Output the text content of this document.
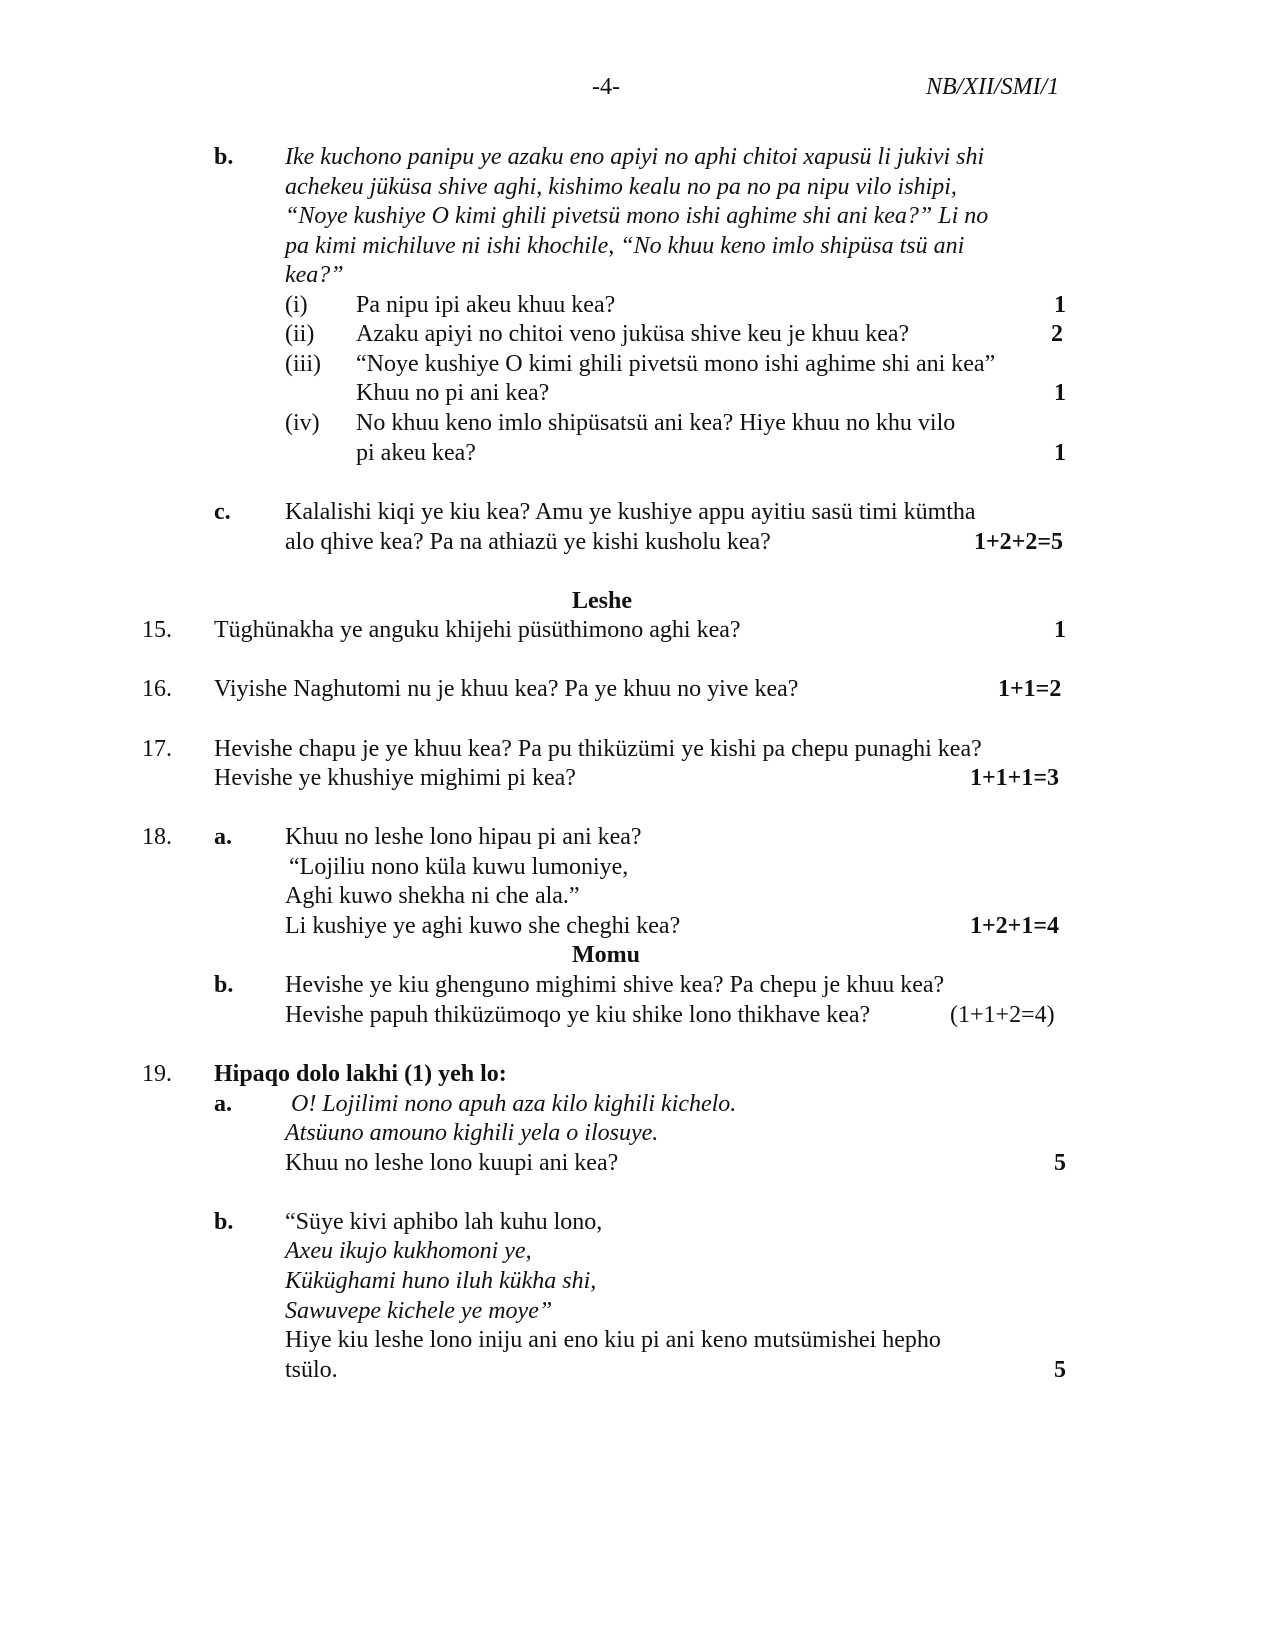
-4-	NB/XII/SMI/1
b. Ike kuchono panipu ye azaku eno apiyi no aphi chitoi xapusü li jukivi shi
achekeu jüküsa shive aghi, kishimo kealu no pa no pa nipu vilo ishipi,
“Noye kushiye O kimi ghili pivetsü mono ishi aghime shi ani kea?” Li no
pa kimi michiluve ni ishi khochile, “No khuu keno imlo shipüsa tsü ani
kea?”
(i) Pa nipu ipi akeu khuu kea?	1
(ii) Azaku apiyi no chitoi veno juküsa shive keu je khuu kea?	2
(iii) “Noye kushiye O kimi ghili pivetsü mono ishi aghime shi ani kea”
Khuu no pi ani kea?	1
(iv) No khuu keno imlo shipüsatsü ani kea? Hiye khuu no khu vilo
pi akeu kea?	1
c. Kalalishi kiqi ye kiu kea? Amu ye kushiye appu ayitiu sasü timi kümtha
alo qhive kea? Pa na athiazü ye kishi kusholu kea?	1+2+2=5
Leshe
15. Tüghünakha ye anguku khijehi püsüthimono aghi kea?	1
16. Viyishe Naghutomi nu je khuu kea? Pa ye khuu no yive kea?	1+1=2
17. Hevishe chapu je ye khuu kea? Pa pu thiküzümi ye kishi pa chepu punaghi kea?
Hevishe ye khushiye mighimi pi kea?	1+1+1=3
18. a. Khuu no leshe lono hipau pi ani kea?
“Lojiliu nono küla kuwu lumoniye,
Aghi kuwo shekha ni che ala.”
Li kushiye ye aghi kuwo she cheghi kea?	1+2+1=4
Momu
b. Hevishe ye kiu ghenguno mighimi shive kea? Pa chepu je khuu kea?
Hevishe papuh thiküzümoqo ye kiu shike lono thikhave kea?	(1+1+2=4)
19. Hipaqo dolo lakhi (1) yeh lo:
a. O! Lojilimi nono apuh aza kilo kighili kichelo.
Atsüuno amouno kighili yela o ilosuye.
Khuu no leshe lono kuupi ani kea?	5
b. “Süye kivi aphibo lah kuhu lono,
Axeu ikujo kukhomoni ye,
Küküghami huno iluh kükha shi,
Sawuvepe kichele ye moye”
Hiye kiu leshe lono iniju ani eno kiu pi ani keno mutsümishei hepho
tsülo.	5
